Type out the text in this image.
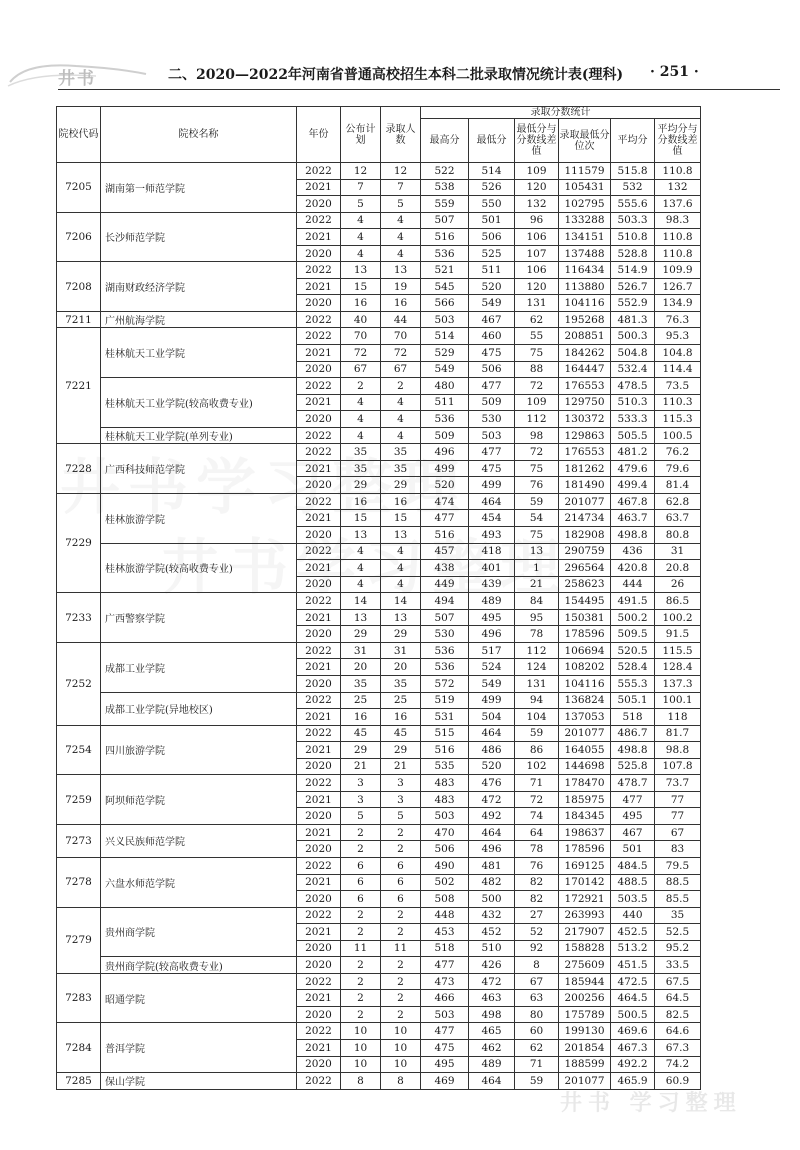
井书	二、2020—2022年河南省普通高校招生本科二批录取情况统计表(理科) · 251 ·
院校代码	院校名称	年份	公布计划	录取人数	录取分数统计					
					最高分	最低分	最低分与分数线差值	录取最低分位次	平均分	平均分与分数线差值
7205	湖南第一师范学院	2022	12	12	522	514	109	111579	515.8	110.8
		2021	7	7	538	526	120	105431	532	132
		2020	5	5	559	550	132	102795	555.6	137.6
7206	长沙师范学院	2022	4	4	507	501	96	133288	503.3	98.3
		2021	4	4	516	506	106	134151	510.8	110.8
		2020	4	4	536	525	107	137488	528.8	110.8
7208	湖南财政经济学院	2022	13	13	521	511	106	116434	514.9	109.9
		2021	15	19	545	520	120	113880	526.7	126.7
		2020	16	16	566	549	131	104116	552.9	134.9
7211	广州航海学院	2022	40	44	503	467	62	195268	481.3	76.3
7221	桂林航天工业学院	2022	70	70	514	460	55	208851	500.3	95.3
		2021	72	72	529	475	75	184262	504.8	104.8
		2020	67	67	549	506	88	164447	532.4	114.4
	桂林航天工业学院(较高收费专业)	2022	2	2	480	477	72	176553	478.5	73.5
		2021	4	4	511	509	109	129750	510.3	110.3
		2020	4	4	536	530	112	130372	533.3	115.3
	桂林航天工业学院(单列专业)	2022	4	4	509	503	98	129863	505.5	100.5
7228	广西科技师范学院	2022	35	35	496	477	72	176553	481.2	76.2
		2021	35	35	499	475	75	181262	479.6	79.6
		2020	29	29	520	499	76	181490	499.4	81.4
7229	桂林旅游学院	2022	16	16	474	464	59	201077	467.8	62.8
		2021	15	15	477	454	54	214734	463.7	63.7
		2020	13	13	516	493	75	182908	498.8	80.8
	桂林旅游学院(较高收费专业)	2022	4	4	457	418	13	290759	436	31
		2021	4	4	438	401	1	296564	420.8	20.8
		2020	4	4	449	439	21	258623	444	26
7233	广西警察学院	2022	14	14	494	489	84	154495	491.5	86.5
		2021	13	13	507	495	95	150381	500.2	100.2
		2020	29	29	530	496	78	178596	509.5	91.5
7252	成都工业学院	2022	31	31	536	517	112	106694	520.5	115.5
		2021	20	20	536	524	124	108202	528.4	128.4
		2020	35	35	572	549	131	104116	555.3	137.3
	成都工业学院(异地校区)	2022	25	25	519	499	94	136824	505.1	100.1
		2021	16	16	531	504	104	137053	518	118
7254	四川旅游学院	2022	45	45	515	464	59	201077	486.7	81.7
		2021	29	29	516	486	86	164055	498.8	98.8
		2020	21	21	535	520	102	144698	525.8	107.8
7259	阿坝师范学院	2022	3	3	483	476	71	178470	478.7	73.7
		2021	3	3	483	472	72	185975	477	77
		2020	5	5	503	492	74	184345	495	77
7273	兴义民族师范学院	2021	2	2	470	464	64	198637	467	67
		2020	2	2	506	496	78	178596	501	83
7278	六盘水师范学院	2022	6	6	490	481	76	169125	484.5	79.5
		2021	6	6	502	482	82	170142	488.5	88.5
		2020	6	6	508	500	82	172921	503.5	85.5
7279	贵州商学院	2022	2	2	448	432	27	263993	440	35
		2021	2	2	453	452	52	217907	452.5	52.5
		2020	11	11	518	510	92	158828	513.2	95.2
	贵州商学院(较高收费专业)	2020	2	2	477	426	8	275609	451.5	33.5
7283	昭通学院	2022	2	2	473	472	67	185944	472.5	67.5
		2021	2	2	466	463	63	200256	464.5	64.5
		2020	2	2	503	498	80	175789	500.5	82.5
7284	普洱学院	2022	10	10	477	465	60	199130	469.6	64.6
		2021	10	10	475	462	62	201854	467.3	67.3
		2020	10	10	495	489	71	188599	492.2	74.2
7285	保山学院	2022	8	8	469	464	59	201077	465.9	60.9
井书 学习整理
